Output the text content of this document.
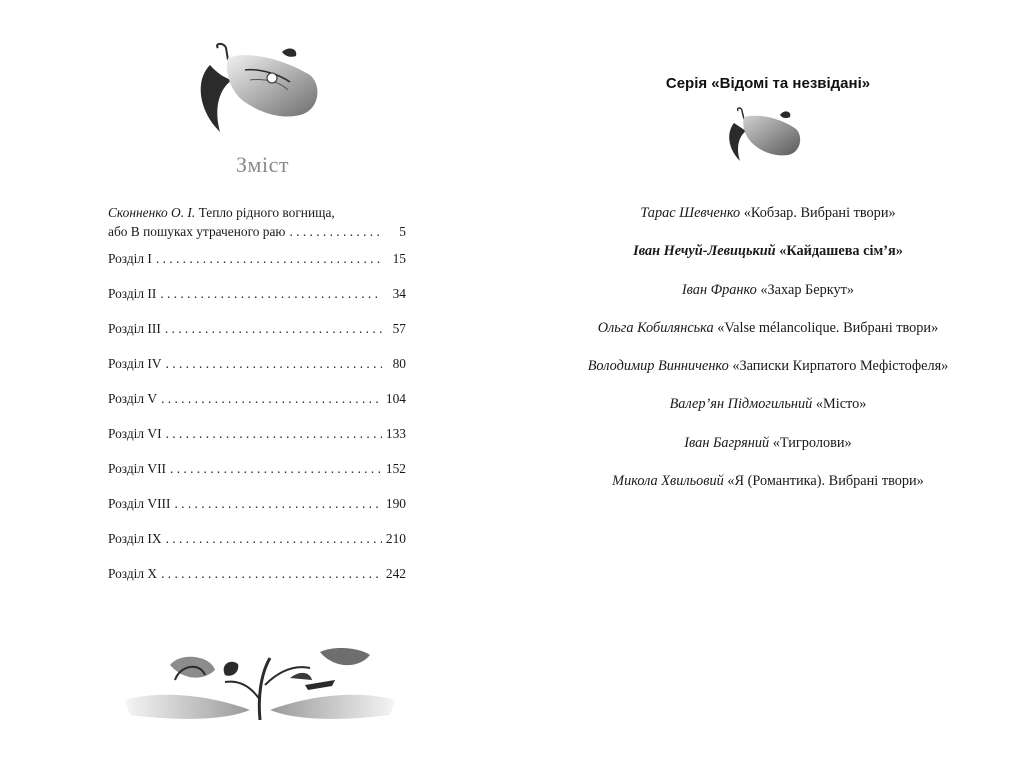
Зміст
Сконненко О. І. Тепло рідного вогнища,
або В пошуках утраченого раю . . .	5
Розділ I . . .	15
Розділ II . . .	34
Розділ III . . .	57
Розділ IV . . .	80
Розділ V . . .	104
Розділ VI . . .	133
Розділ VII . . .	152
Розділ VIII . . .	190
Розділ IX . . .	210
Розділ X . . .	242
Серія «Відомі та незвідані»
Тарас Шевченко «Кобзар. Вибрані твори»
Іван Нечуй-Левицький «Кайдашева сім’я»
Іван Франко «Захар Беркут»
Ольга Кобилянська «Valse mélancolique. Вибрані твори»
Володимир Винниченко «Записки Кирпатого Мефістофеля»
Валер’ян Підмогильний «Місто»
Іван Багряний «Тигролови»
Микола Хвильовий «Я (Романтика). Вибрані твори»
